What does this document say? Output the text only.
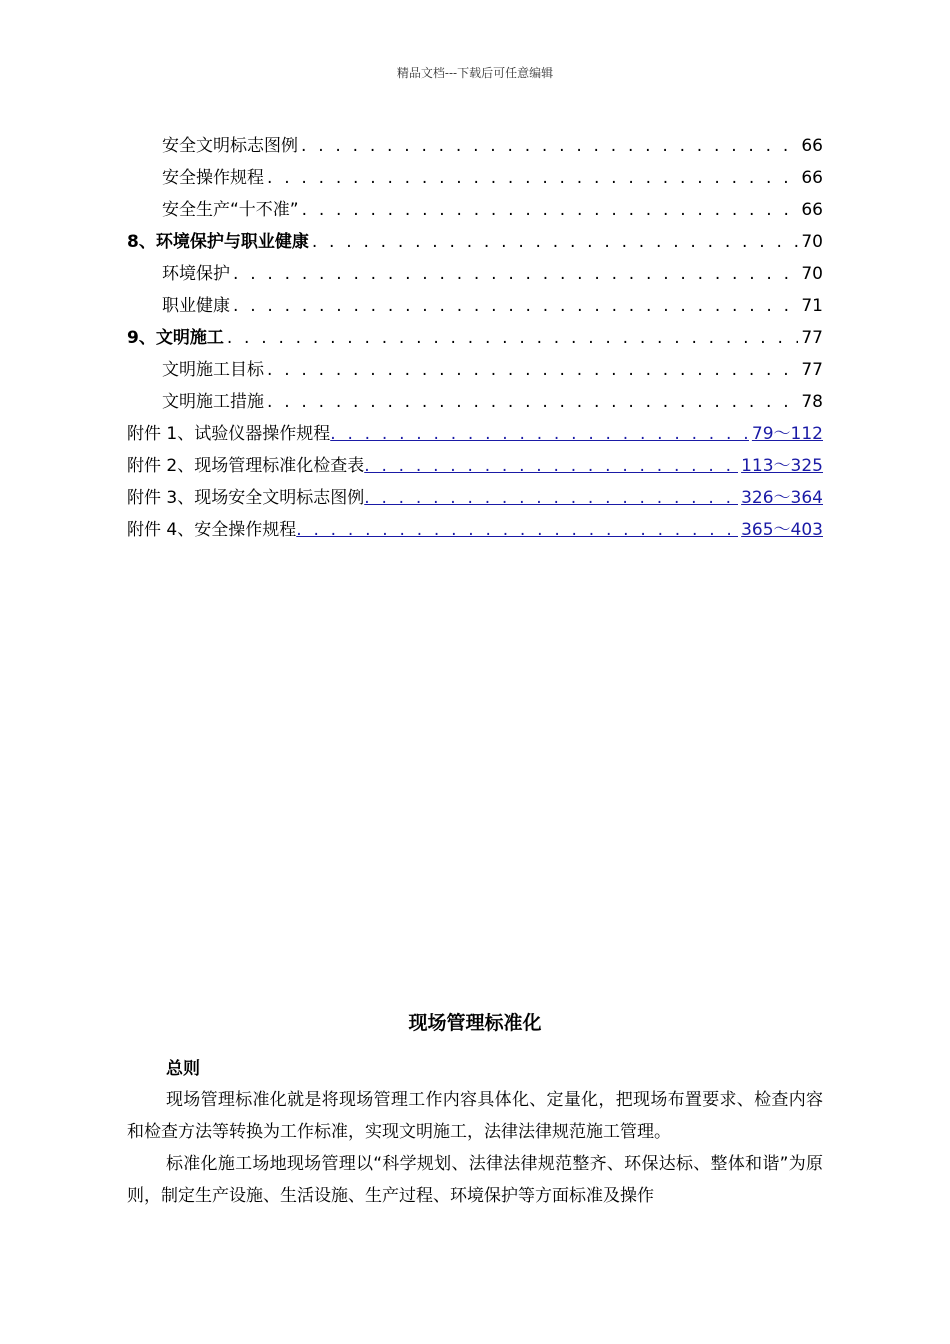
精品文档---下载后可任意编辑
安全文明标志图例 . . .	66
安全操作规程 . . .	66
安全生产“十不准” . . .	66
8、环境保护与职业健康 . . .	70
环境保护 . . .	70
职业健康 . . .	71
9、文明施工 . . .	77
文明施工目标 . . .	77
文明施工措施 . . .	78
附件 1、试验仪器操作规程 . . .	79～112
附件 2、现场管理标准化检查表 . . .	113～325
附件 3、现场安全文明标志图例 . . .	326～364
附件 4、安全操作规程 . . .	365～403
现场管理标准化
总则

现场管理标准化就是将现场管理工作内容具体化、定量化，把现场布置要求、检查内容和检查方法等转换为工作标准，实现文明施工，法律法律规范施工管理。

标准化施工场地现场管理以“科学规划、法律法律规范整齐、环保达标、整体和谐”为原则，制定生产设施、生活设施、生产过程、环境保护等方面标准及操作
